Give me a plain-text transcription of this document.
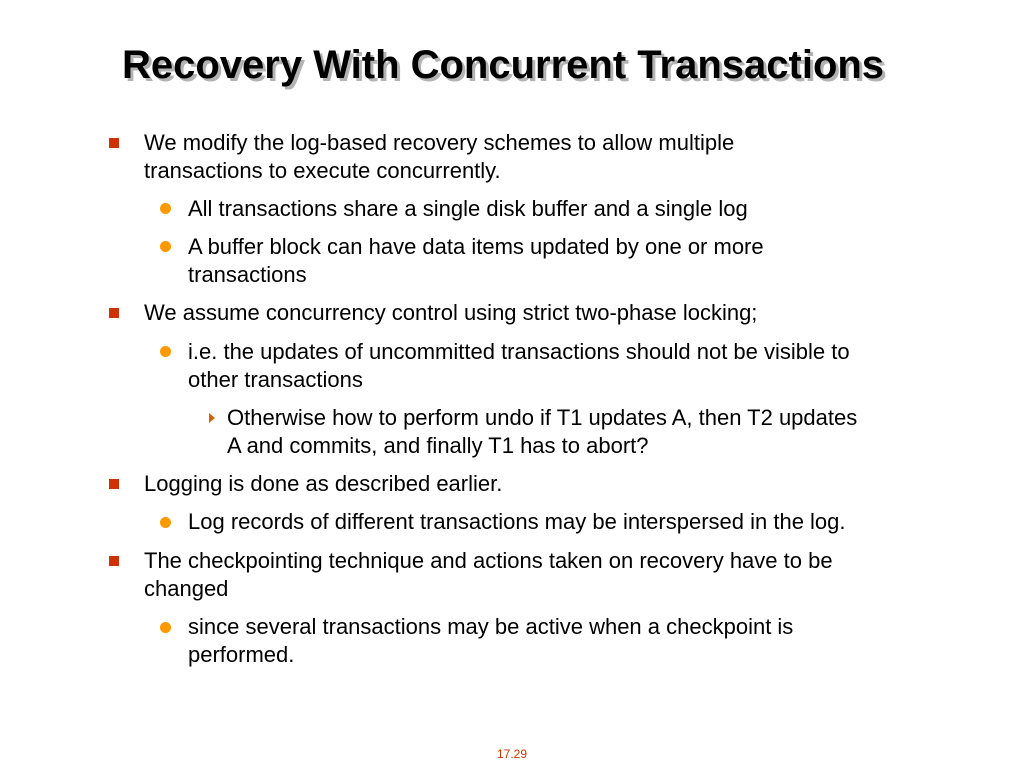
Recovery With Concurrent Transactions
We modify the log-based recovery schemes to allow multiple
transactions to execute concurrently.
All transactions share a single disk buffer and a single log
A buffer block can have data items updated by one or more
transactions
We assume concurrency control using strict two-phase locking;
i.e. the updates of uncommitted transactions should not be visible to
other transactions
Otherwise how to perform undo if T1 updates A, then T2 updates
A and commits, and finally T1 has to abort?
Logging is done as described earlier.
Log records of different transactions may be interspersed in the log.
The checkpointing technique and actions taken on recovery have to be
changed
since several transactions may be active when a checkpoint is
performed.
17.29
